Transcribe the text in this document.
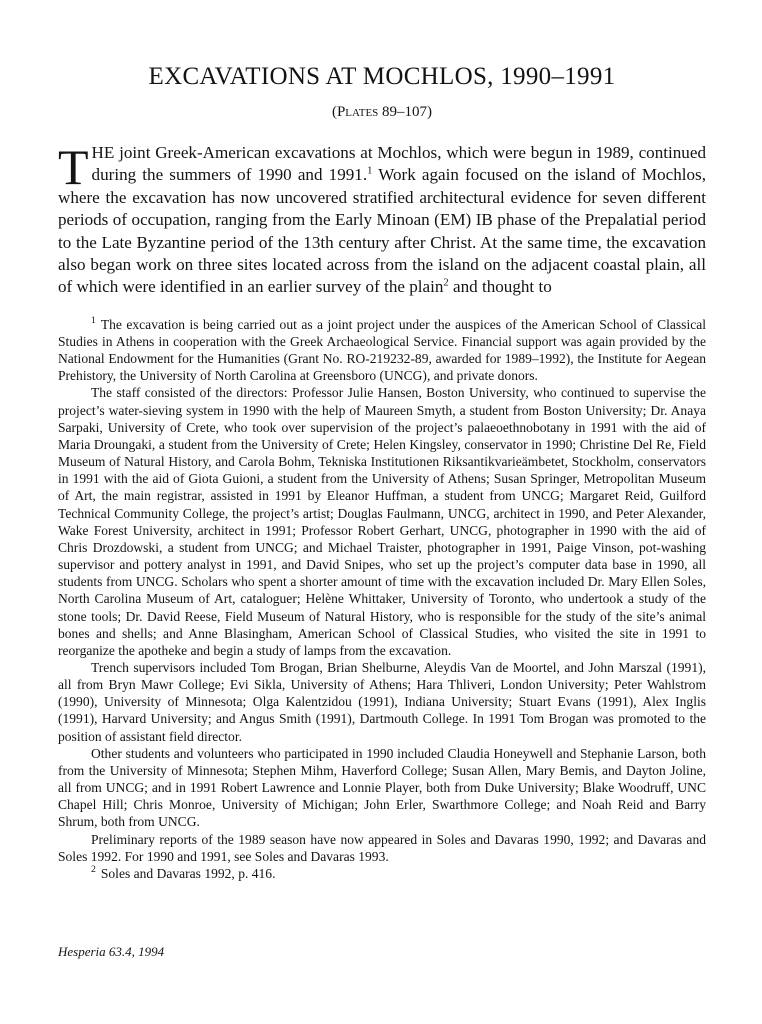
EXCAVATIONS AT MOCHLOS, 1990–1991
(Plates 89–107)
THE joint Greek-American excavations at Mochlos, which were begun in 1989, continued during the summers of 1990 and 1991.$^1$ Work again focused on the island of Mochlos, where the excavation has now uncovered stratified architectural evidence for seven different periods of occupation, ranging from the Early Minoan (EM) IB phase of the Prepalatial period to the Late Byzantine period of the 13th century after Christ. At the same time, the excavation also began work on three sites located across from the island on the adjacent coastal plain, all of which were identified in an earlier survey of the plain$^2$ and thought to

$^1$ The excavation is being carried out as a joint project under the auspices of the American School of Classical Studies in Athens in cooperation with the Greek Archaeological Service. Financial support was again provided by the National Endowment for the Humanities (Grant No. RO-219232-89, awarded for 1989–1992), the Institute for Aegean Prehistory, the University of North Carolina at Greensboro (UNCG), and private donors.

The staff consisted of the directors: Professor Julie Hansen, Boston University, who continued to supervise the project’s water-sieving system in 1990 with the help of Maureen Smyth, a student from Boston University; Dr. Anaya Sarpaki, University of Crete, who took over supervision of the project’s palaeoethnobotany in 1991 with the aid of Maria Droungaki, a student from the University of Crete; Helen Kingsley, conservator in 1990; Christine Del Re, Field Museum of Natural History, and Carola Bohm, Tekniska Institutionen Riksantikvarieämbetet, Stockholm, conservators in 1991 with the aid of Giota Guioni, a student from the University of Athens; Susan Springer, Metropolitan Museum of Art, the main registrar, assisted in 1991 by Eleanor Huffman, a student from UNCG; Margaret Reid, Guilford Technical Community College, the project’s artist; Douglas Faulmann, UNCG, architect in 1990, and Peter Alexander, Wake Forest University, architect in 1991; Professor Robert Gerhart, UNCG, photographer in 1990 with the aid of Chris Drozdowski, a student from UNCG; and Michael Traister, photographer in 1991, Paige Vinson, pot-washing supervisor and pottery analyst in 1991, and David Snipes, who set up the project’s computer data base in 1990, all students from UNCG. Scholars who spent a shorter amount of time with the excavation included Dr. Mary Ellen Soles, North Carolina Museum of Art, cataloguer; Helène Whittaker, University of Toronto, who undertook a study of the stone tools; Dr. David Reese, Field Museum of Natural History, who is responsible for the study of the site’s animal bones and shells; and Anne Blasingham, American School of Classical Studies, who visited the site in 1991 to reorganize the apotheke and begin a study of lamps from the excavation.

Trench supervisors included Tom Brogan, Brian Shelburne, Aleydis Van de Moortel, and John Marszal (1991), all from Bryn Mawr College; Evi Sikla, University of Athens; Hara Thliveri, London University; Peter Wahlstrom (1990), University of Minnesota; Olga Kalentzidou (1991), Indiana University; Stuart Evans (1991), Alex Inglis (1991), Harvard University; and Angus Smith (1991), Dartmouth College. In 1991 Tom Brogan was promoted to the position of assistant field director.

Other students and volunteers who participated in 1990 included Claudia Honeywell and Stephanie Larson, both from the University of Minnesota; Stephen Mihm, Haverford College; Susan Allen, Mary Bemis, and Dayton Joline, all from UNCG; and in 1991 Robert Lawrence and Lonnie Player, both from Duke University; Blake Woodruff, UNC Chapel Hill; Chris Monroe, University of Michigan; John Erler, Swarthmore College; and Noah Reid and Barry Shrum, both from UNCG.

Preliminary reports of the 1989 season have now appeared in Soles and Davaras 1990, 1992; and Davaras and Soles 1992. For 1990 and 1991, see Soles and Davaras 1993.

$^2$ Soles and Davaras 1992, p. 416.

Hesperia 63.4, 1994
